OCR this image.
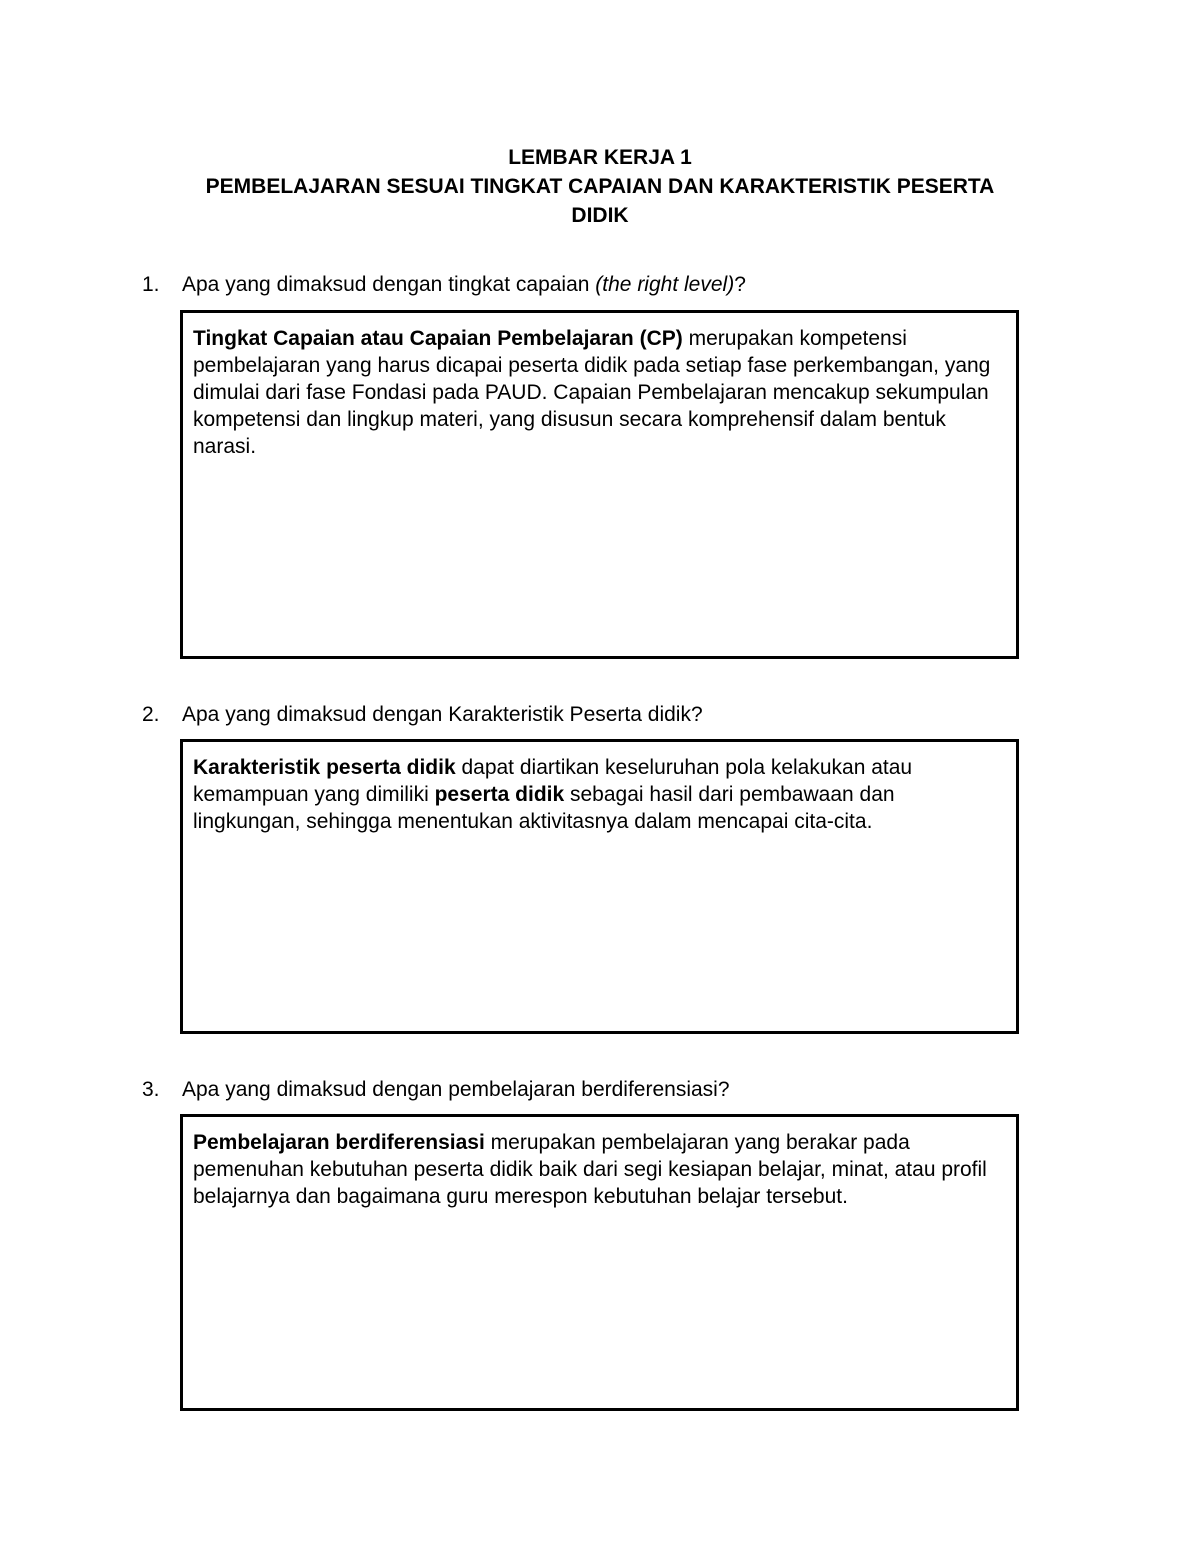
LEMBAR KERJA 1
PEMBELAJARAN SESUAI TINGKAT CAPAIAN DAN KARAKTERISTIK PESERTA
DIDIK
1. Apa yang dimaksud dengan tingkat capaian (the right level)?
Tingkat Capaian atau Capaian Pembelajaran (CP) merupakan kompetensi pembelajaran yang harus dicapai peserta didik pada setiap fase perkembangan, yang dimulai dari fase Fondasi pada PAUD. Capaian Pembelajaran mencakup sekumpulan kompetensi dan lingkup materi, yang disusun secara komprehensif dalam bentuk narasi.
2. Apa yang dimaksud dengan Karakteristik Peserta didik?
Karakteristik peserta didik dapat diartikan keseluruhan pola kelakukan atau kemampuan yang dimiliki peserta didik sebagai hasil dari pembawaan dan lingkungan, sehingga menentukan aktivitasnya dalam mencapai cita-cita.
3. Apa yang dimaksud dengan pembelajaran berdiferensiasi?
Pembelajaran berdiferensiasi merupakan pembelajaran yang berakar pada pemenuhan kebutuhan peserta didik baik dari segi kesiapan belajar, minat, atau profil belajarnya dan bagaimana guru merespon kebutuhan belajar tersebut.
